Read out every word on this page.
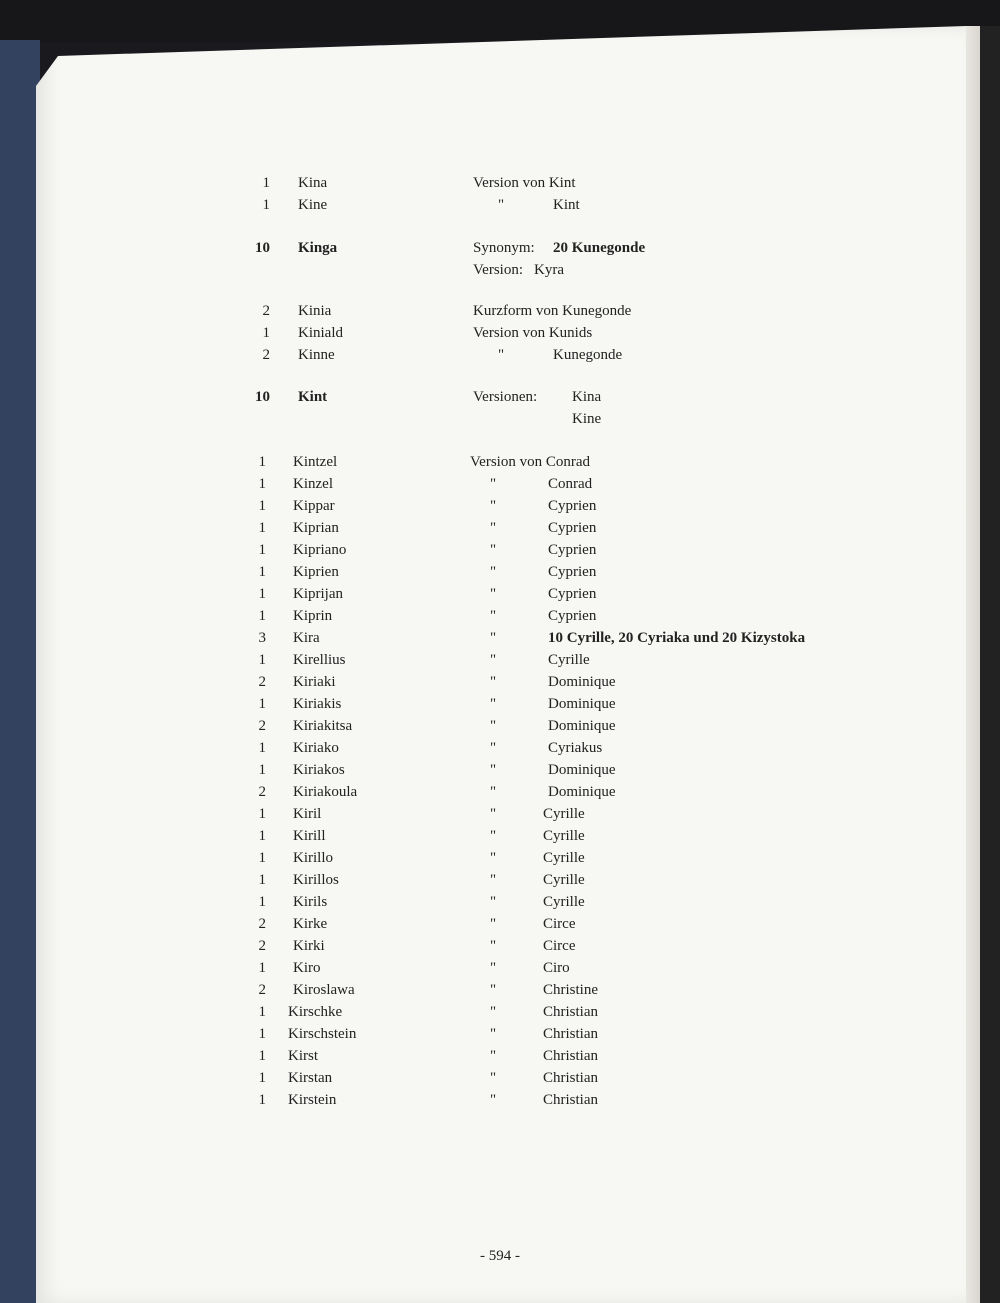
1 Kina	Version von Kint
1 Kine	"	Kint
10 Kinga	Synonym: 20 Kunegonde
Version: Kyra
2 Kinia	Kurzform von Kunegonde
1 Kiniald	Version von Kunids
2 Kinne	"	Kunegonde
10 Kint	Versionen: Kina
Kine
1 Kintzel	Version von Conrad
1 Kinzel	"	Conrad
1 Kippar	"	Cyprien
1 Kiprian	"	Cyprien
1 Kipriano	"	Cyprien
1 Kiprien	"	Cyprien
1 Kiprijan	"	Cyprien
1 Kiprin	"	Cyprien
3 Kira	"	10 Cyrille, 20 Cyriaka und 20 Kizystoka
1 Kirellius	"	Cyrille
2 Kiriaki	"	Dominique
1 Kiriakis	"	Dominique
2 Kiriakitsa	"	Dominique
1 Kiriako	"	Cyriakus
1 Kiriakos	"	Dominique
2 Kiriakoula	"	Dominique
1 Kiril	"	Cyrille
1 Kirill	"	Cyrille
1 Kirillo	"	Cyrille
1 Kirillos	"	Cyrille
1 Kirils	"	Cyrille
2 Kirke	"	Circe
2 Kirki	"	Circe
1 Kiro	"	Ciro
2 Kiroslawa	"	Christine
1 Kirschke	"	Christian
1 Kirschstein	"	Christian
1 Kirst	"	Christian
1 Kirstan	"	Christian
1 Kirstein	"	Christian
- 594 -
